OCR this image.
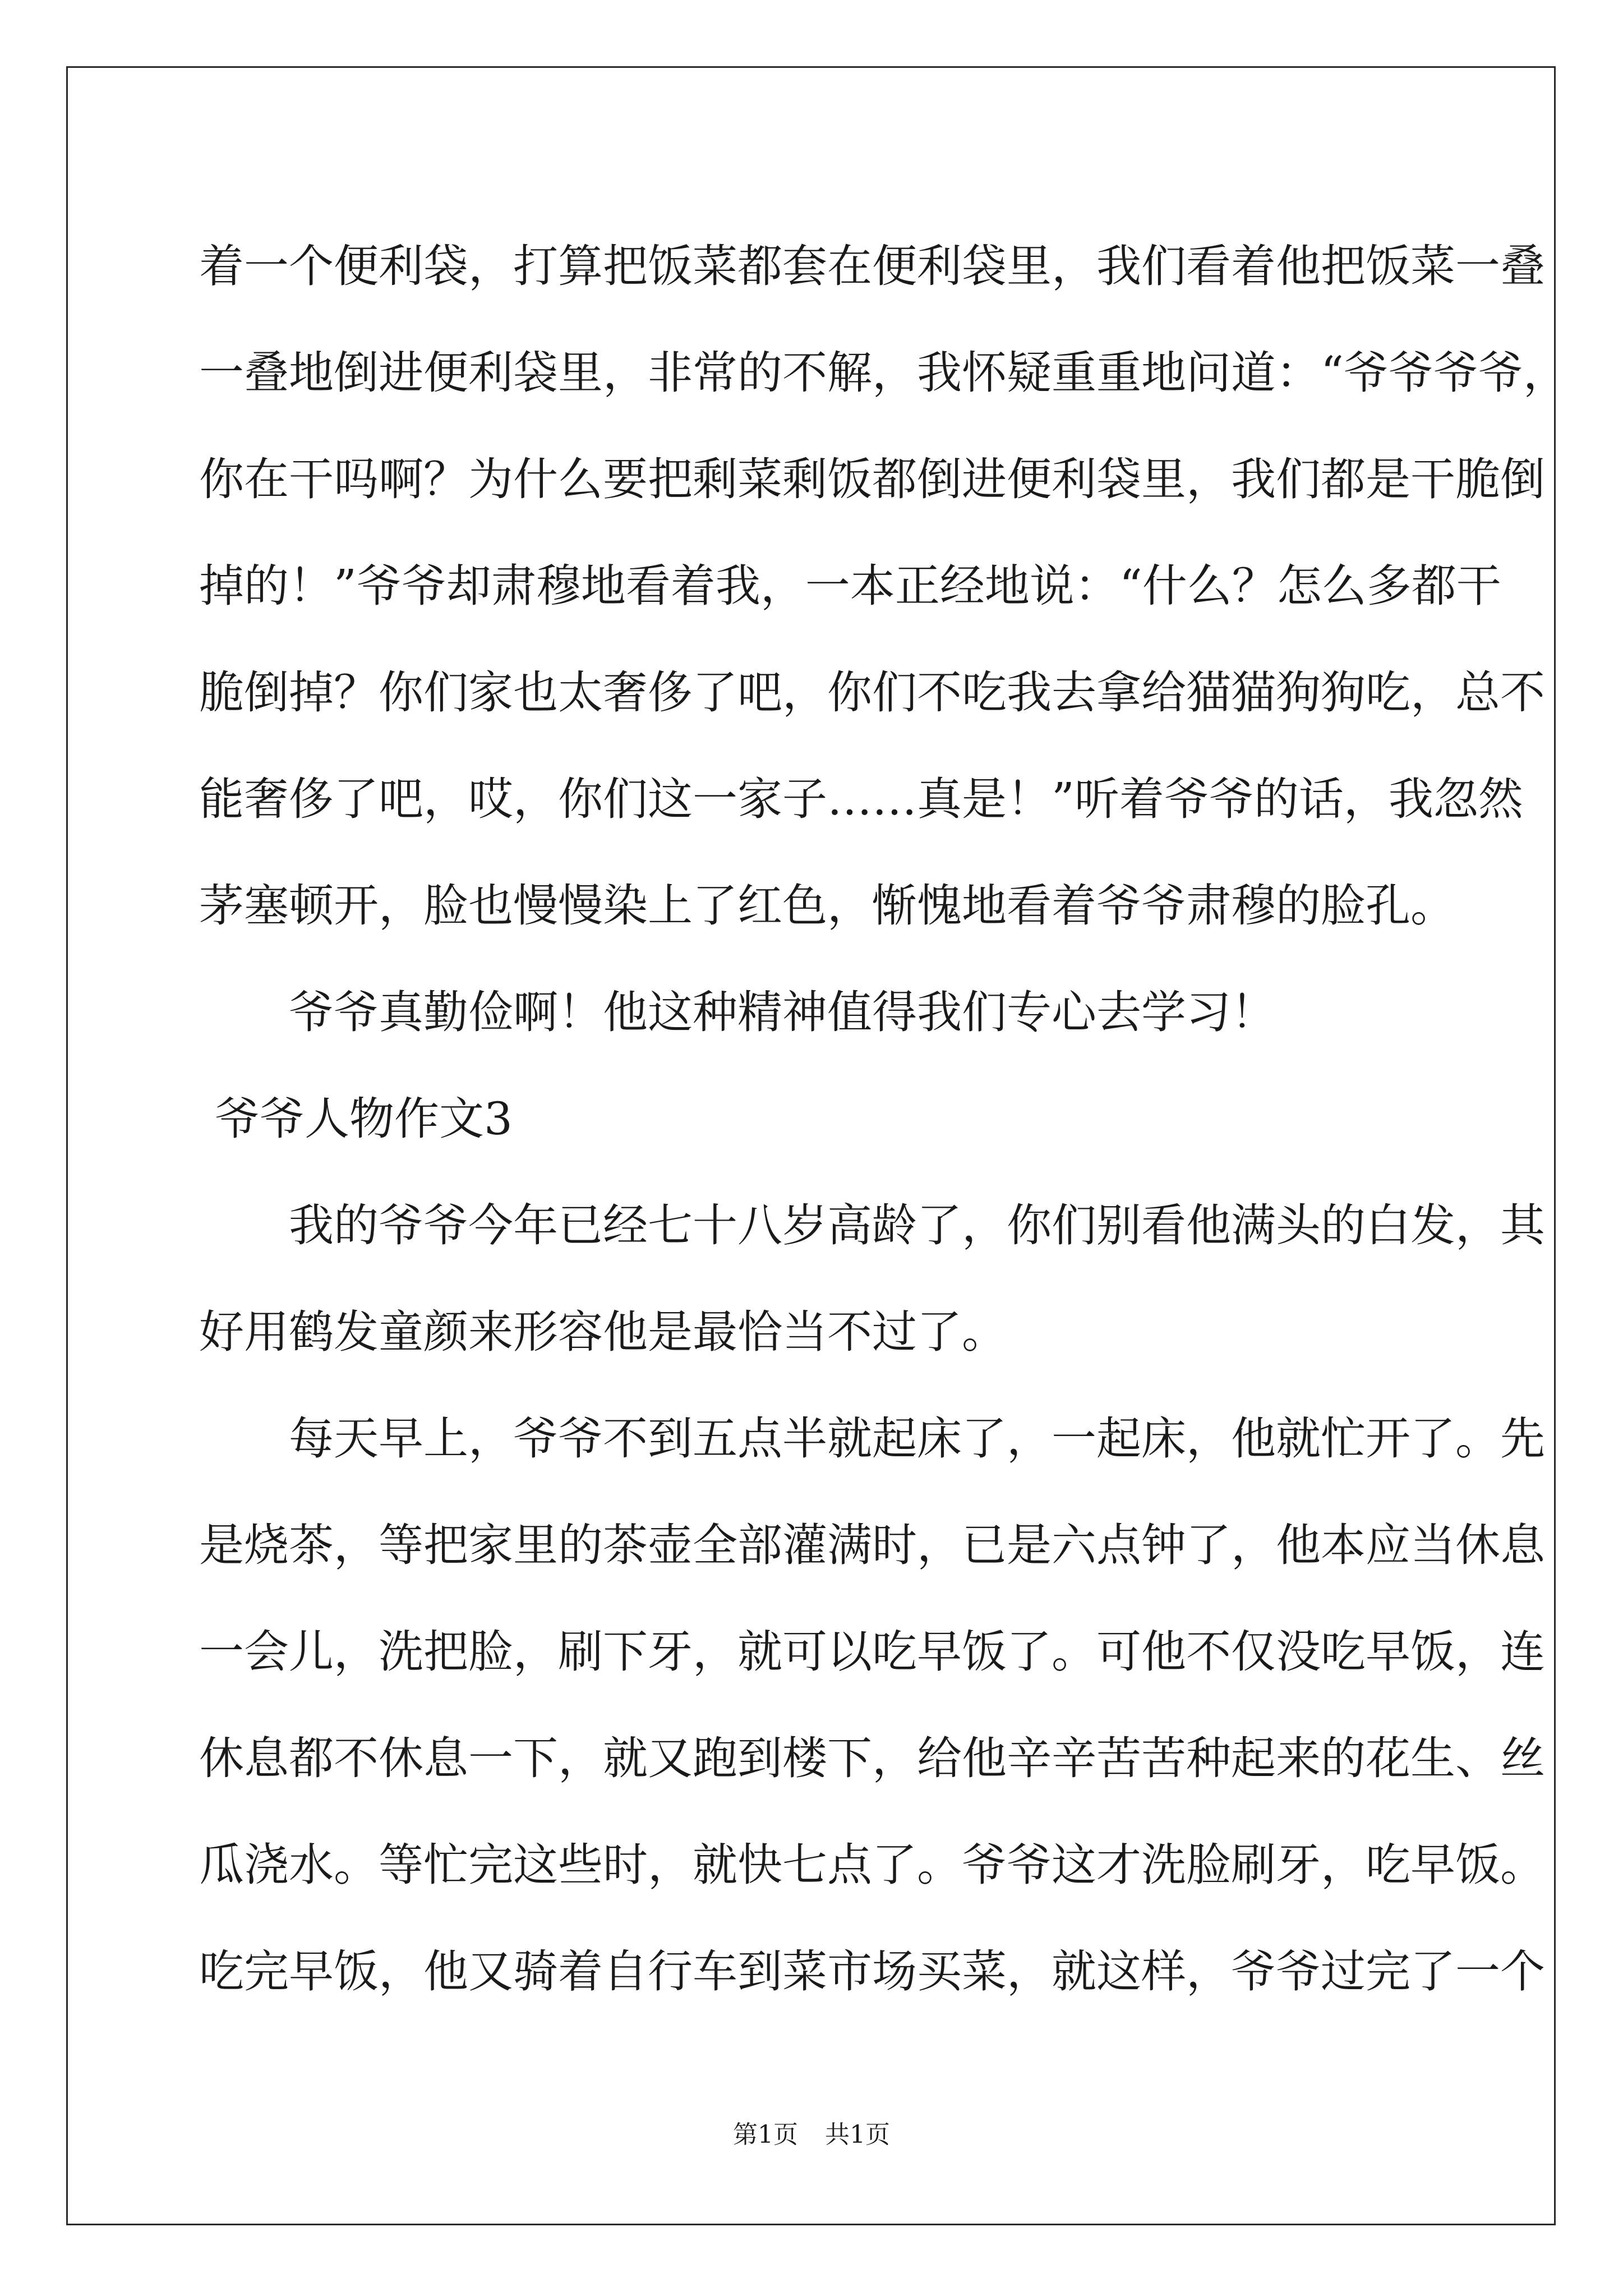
着一个便利袋，打算把饭菜都套在便利袋里，我们看着他把饭菜一叠
一叠地倒进便利袋里，非常的不解，我怀疑重重地问道：“爷爷爷爷，
你在干吗啊？为什么要把剩菜剩饭都倒进便利袋里，我们都是干脆倒
掉的！”爷爷却肃穆地看着我，一本正经地说：“什么？怎么多都干
脆倒掉？你们家也太奢侈了吧，你们不吃我去拿给猫猫狗狗吃，总不
能奢侈了吧，哎，你们这一家子……真是！”听着爷爷的话，我忽然
茅塞顿开，脸也慢慢染上了红色，惭愧地看着爷爷肃穆的脸孔。
爷爷真勤俭啊！他这种精神值得我们专心去学习！
爷爷人物作文3
我的爷爷今年已经七十八岁高龄了，你们别看他满头的白发，其
好用鹤发童颜来形容他是最恰当不过了。
每天早上，爷爷不到五点半就起床了，一起床，他就忙开了。先
是烧茶，等把家里的茶壶全部灌满时，已是六点钟了，他本应当休息
一会儿，洗把脸，刷下牙，就可以吃早饭了。可他不仅没吃早饭，连
休息都不休息一下，就又跑到楼下，给他辛辛苦苦种起来的花生、丝
瓜浇水。等忙完这些时，就快七点了。爷爷这才洗脸刷牙，吃早饭。
吃完早饭，他又骑着自行车到菜市场买菜，就这样，爷爷过完了一个
第1页 共1页
